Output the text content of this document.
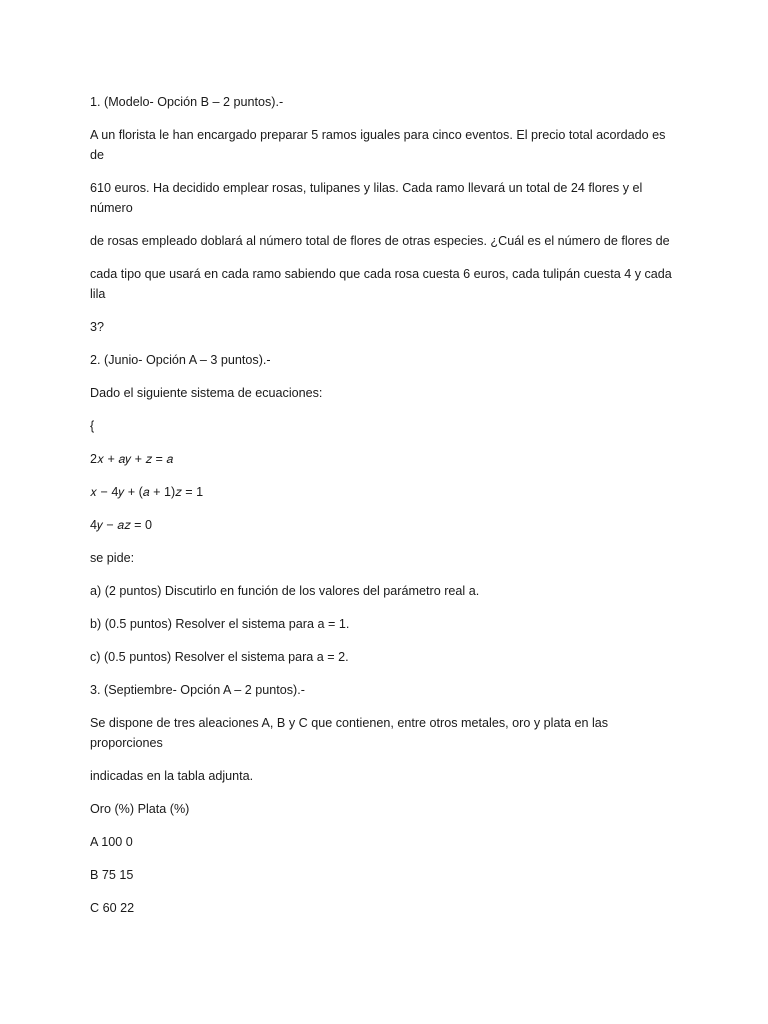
1. (Modelo- Opción B – 2 puntos).-

A un florista le han encargado preparar 5 ramos iguales para cinco eventos. El precio total acordado es de

610 euros. Ha decidido emplear rosas, tulipanes y lilas. Cada ramo llevará un total de 24 flores y el número

de rosas empleado doblará al número total de flores de otras especies. ¿Cuál es el número de flores de

cada tipo que usará en cada ramo sabiendo que cada rosa cuesta 6 euros, cada tulipán cuesta 4 y cada lila

3?

2. (Junio- Opción A – 3 puntos).-

Dado el siguiente sistema de ecuaciones:

{

2𝑥 + 𝑎𝑦 + 𝑧 = 𝑎

𝑥 − 4𝑦 + (𝑎 + 1)𝑧 = 1

4𝑦 − 𝑎𝑧 = 0

se pide:

a) (2 puntos) Discutirlo en función de los valores del parámetro real a.

b) (0.5 puntos) Resolver el sistema para a = 1.

c) (0.5 puntos) Resolver el sistema para a = 2.

3. (Septiembre- Opción A – 2 puntos).-

Se dispone de tres aleaciones A, B y C que contienen, entre otros metales, oro y plata en las proporciones

indicadas en la tabla adjunta.

Oro (%) Plata (%)

A 100 0

B 75 15

C 60 22
